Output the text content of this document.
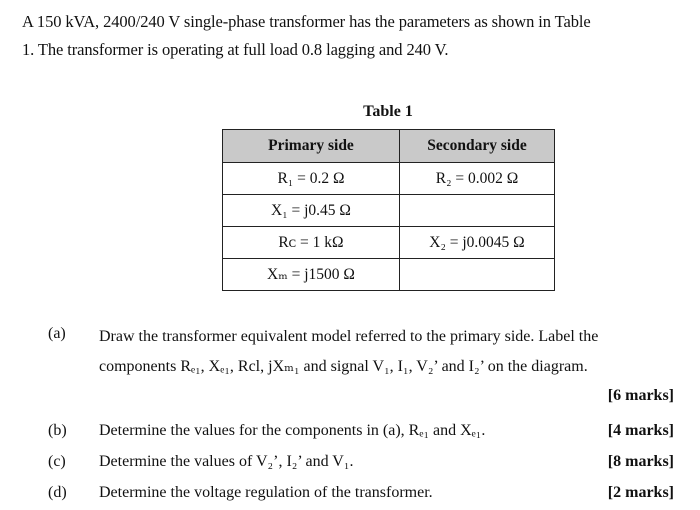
A 150 kVA, 2400/240 V single-phase transformer has the parameters as shown in Table
1. The transformer is operating at full load 0.8 lagging and 240 V.
Table 1
Primary side	Secondary side
R₁ = 0.2 Ω	R₂ = 0.002 Ω
X₁ = j0.45 Ω	
Rᴄ = 1 kΩ	X₂ = j0.0045 Ω
Xₘ = j1500 Ω	
(a) Draw the transformer equivalent model referred to the primary side. Label the
components Rₑ₁, Xₑ₁, Rcl, jXₘ₁ and signal V₁, I₁, V₂’ and I₂’ on the diagram.
[6 marks]
(b) Determine the values for the components in (a), Rₑ₁ and Xₑ₁.	[4 marks]
(c) Determine the values of V₂’, I₂’ and V₁.	[8 marks]
(d) Determine the voltage regulation of the transformer.	[2 marks]
